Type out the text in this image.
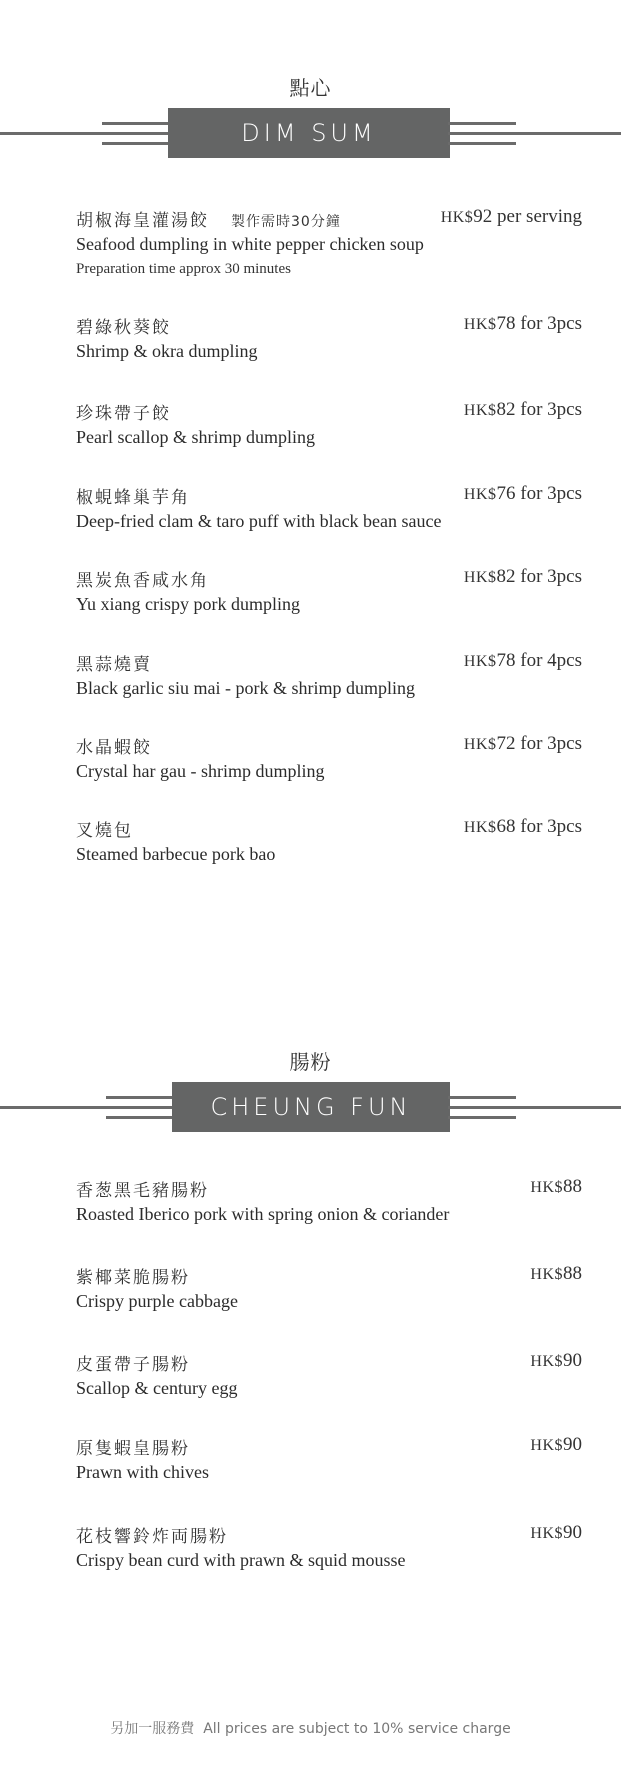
點心
DIM SUM
胡椒海皇灌湯餃 製作需時30分鐘	HK$92 per serving
Seafood dumpling in white pepper chicken soup
Preparation time approx 30 minutes
碧綠秋葵餃	HK$78 for 3pcs
Shrimp & okra dumpling
珍珠帶子餃	HK$82 for 3pcs
Pearl scallop & shrimp dumpling
椒蜆蜂巢芋角	HK$76 for 3pcs
Deep-fried clam & taro puff with black bean sauce
黑炭魚香咸水角	HK$82 for 3pcs
Yu xiang crispy pork dumpling
黑蒜燒賣	HK$78 for 4pcs
Black garlic siu mai - pork & shrimp dumpling
水晶蝦餃	HK$72 for 3pcs
Crystal har gau - shrimp dumpling
叉燒包	HK$68 for 3pcs
Steamed barbecue pork bao
腸粉
CHEUNG FUN
香葱黑毛豬腸粉	HK$88
Roasted Iberico pork with spring onion & coriander
紫椰菜脆腸粉	HK$88
Crispy purple cabbage
皮蛋帶子腸粉	HK$90
Scallop & century egg
原隻蝦皇腸粉	HK$90
Prawn with chives
花枝響鈴炸両腸粉	HK$90
Crispy bean curd with prawn & squid mousse
另加一服務費 All prices are subject to 10% service charge
